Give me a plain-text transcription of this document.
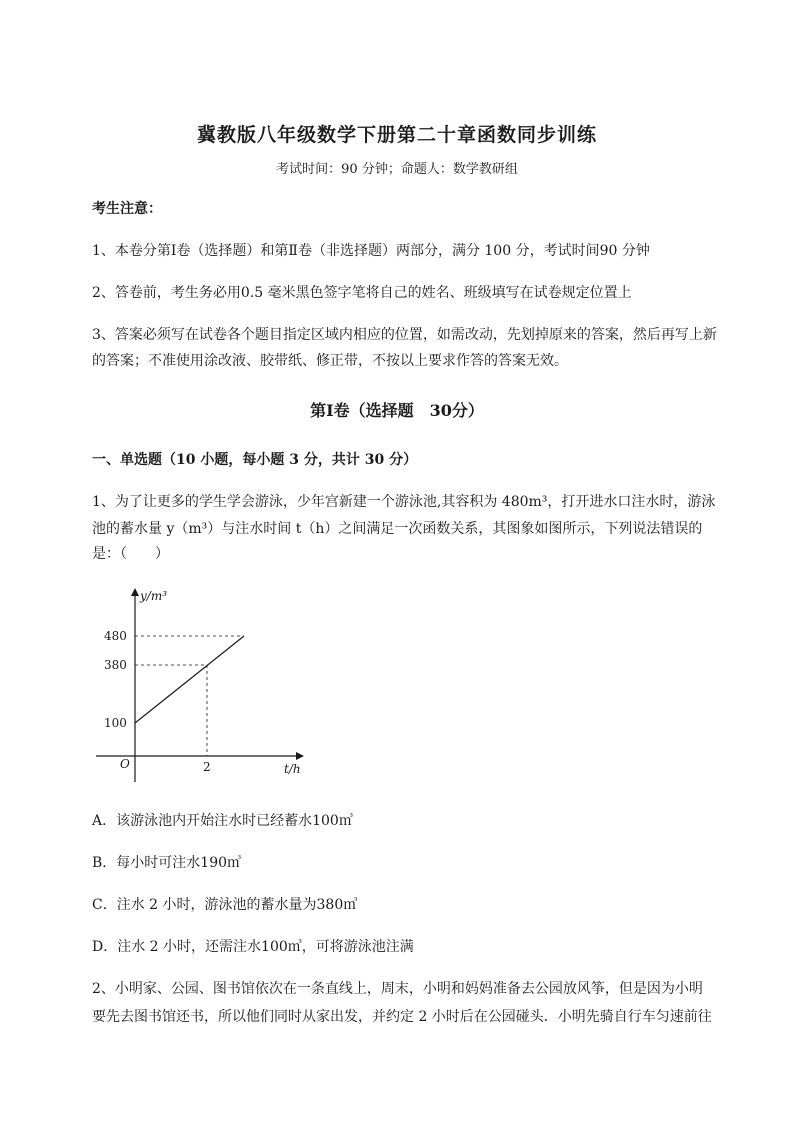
冀教版八年级数学下册第二十章函数同步训练
考试时间：90 分钟；命题人：数学教研组
考生注意：
1、本卷分第Ⅰ卷（选择题）和第Ⅱ卷（非选择题）两部分，满分 100 分，考试时间90 分钟
2、答卷前，考生务必用0.5 毫米黑色签字笔将自己的姓名、班级填写在试卷规定位置上
3、答案必须写在试卷各个题目指定区域内相应的位置，如需改动，先划掉原来的答案，然后再写上新
的答案；不准使用涂改液、胶带纸、修正带，不按以上要求作答的答案无效。
第Ⅰ卷（选择题　30分）
一、单选题（10 小题，每小题 3 分，共计 30 分）
1、为了让更多的学生学会游泳，少年宫新建一个游泳池,其容积为 480m³，打开进水口注水时，游泳
池的蓄水量 y（m³）与注水时间 t（h）之间满足一次函数关系，其图象如图所示，下列说法错误的
是：（　　）
y/m³
480
380
100
O	2	t/h
A．该游泳池内开始注水时已经蓄水100㎥
B．每小时可注水190㎥
C．注水 2 小时，游泳池的蓄水量为380㎥
D．注水 2 小时，还需注水100㎥，可将游泳池注满
2、小明家、公园、图书馆依次在一条直线上，周末，小明和妈妈准备去公园放风筝，但是因为小明
要先去图书馆还书，所以他们同时从家出发，并约定 2 小时后在公园碰头．小明先骑自行车匀速前往
